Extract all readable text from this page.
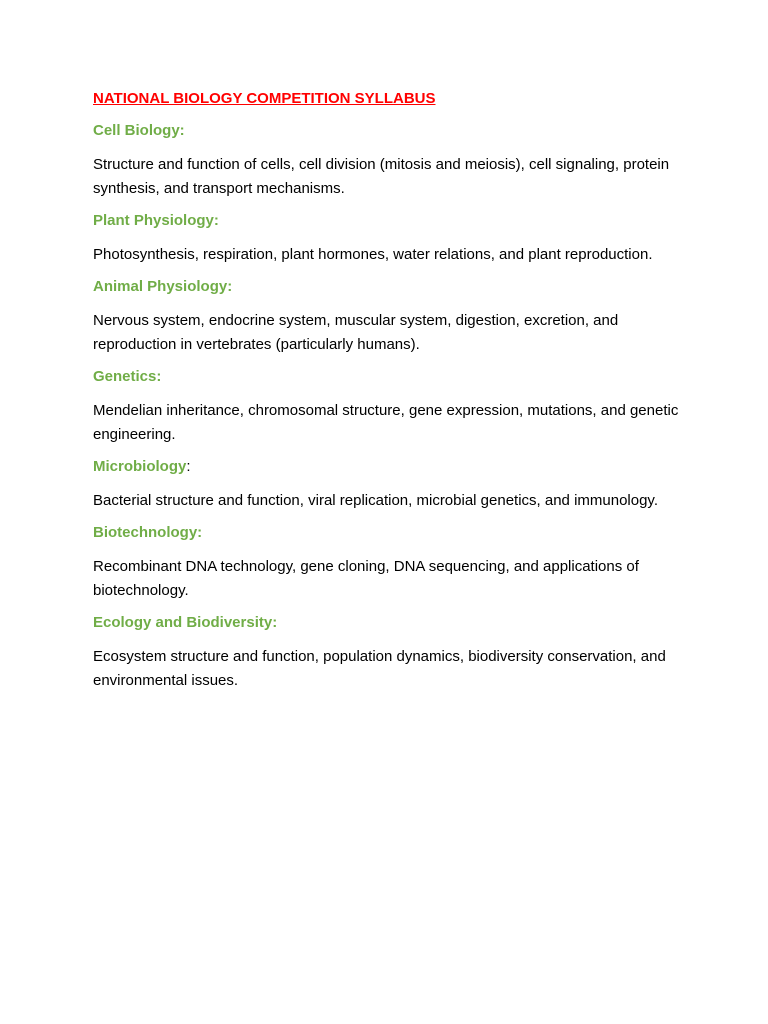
NATIONAL BIOLOGY COMPETITION SYLLABUS

Cell Biology:

Structure and function of cells, cell division (mitosis and meiosis), cell signaling, protein synthesis, and transport mechanisms.

Plant Physiology:

Photosynthesis, respiration, plant hormones, water relations, and plant reproduction.

Animal Physiology:

Nervous system, endocrine system, muscular system, digestion, excretion, and reproduction in vertebrates (particularly humans).

Genetics:

Mendelian inheritance, chromosomal structure, gene expression, mutations, and genetic engineering.

Microbiology:

Bacterial structure and function, viral replication, microbial genetics, and immunology.

Biotechnology:

Recombinant DNA technology, gene cloning, DNA sequencing, and applications of biotechnology.

Ecology and Biodiversity:

Ecosystem structure and function, population dynamics, biodiversity conservation, and environmental issues.
